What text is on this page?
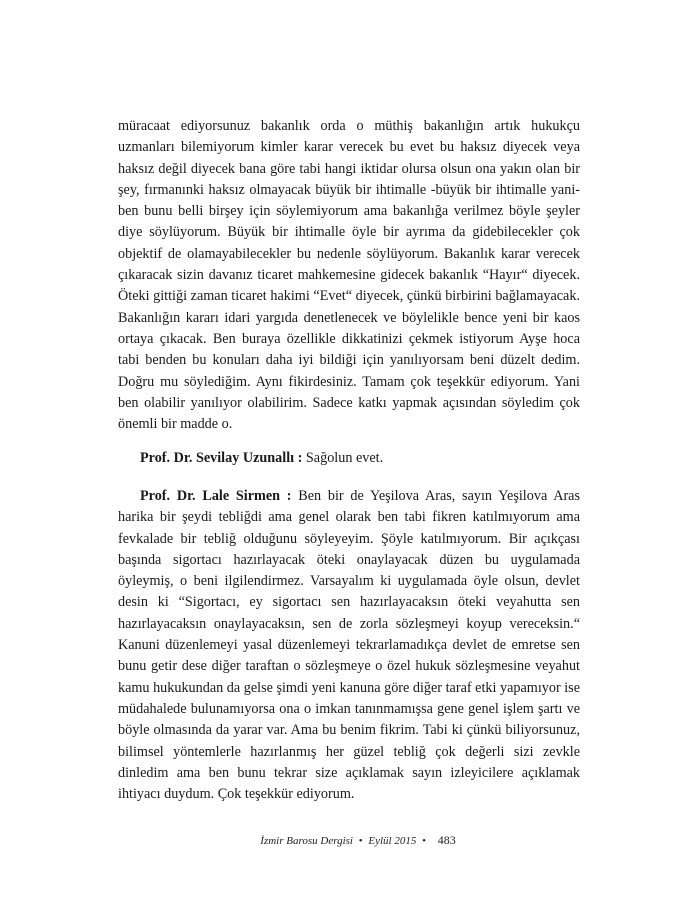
müracaat ediyorsunuz bakanlık orda o müthiş bakanlığın artık hukukçu uzmanları bilemiyorum kimler karar verecek bu evet bu haksız diyecek veya haksız değil diyecek bana göre tabi hangi iktidar olursa olsun ona yakın olan bir şey, fırmanınki haksız olmayacak büyük bir ihtimalle -büyük bir ihtimalle yani- ben bunu belli birşey için söylemiyorum ama bakanlığa verilmez böyle şeyler diye söylüyorum. Büyük bir ihtimalle öyle bir ayrıma da gidebilecekler çok objektif de olamayabilecekler bu nedenle söylüyorum. Bakanlık karar verecek çıkaracak sizin davanız ticaret mahkemesine gidecek bakanlık “Hayır“ diyecek. Öteki gittiği zaman ticaret hakimi “Evet“ diyecek, çünkü birbirini bağlamayacak. Bakanlığın kararı idari yargıda denetlenecek ve böylelikle bence yeni bir kaos ortaya çıkacak. Ben buraya özellikle dikkatinizi çekmek istiyorum Ayşe hoca tabi benden bu konuları daha iyi bildiği için yanılıyorsam beni düzelt dedim. Doğru mu söylediğim. Aynı fikirdesiniz. Tamam çok teşekkür ediyorum. Yani ben olabilir yanılıyor olabilirim. Sadece katkı yapmak açısından söyledim çok önemli bir madde o.

Prof. Dr. Sevilay Uzunallı : Sağolun evet.

Prof. Dr. Lale Sirmen : Ben bir de Yeşilova Aras, sayın Yeşilova Aras harika bir şeydi tebliğdi ama genel olarak ben tabi fikren katılmıyorum ama fevkalade bir tebliğ olduğunu söyleyeyim. Şöyle katılmıyorum. Bir açıkçası başında sigortacı hazırlayacak öteki onaylayacak düzen bu uygulamada öyleymiş, o beni ilgilendirmez. Varsayalım ki uygulamada öyle olsun, devlet desin ki “Sigortacı, ey sigortacı sen hazırlayacaksın öteki veyahutta sen hazırlayacaksın onaylayacaksın, sen de zorla sözleşmeyi koyup vereceksin.“ Kanuni düzenlemeyi yasal düzenlemeyi tekrarlamadıkça devlet de emretse sen bunu getir dese diğer taraftan o sözleşmeye o özel hukuk sözleşmesine veyahut kamu hukukundan da gelse şimdi yeni kanuna göre diğer taraf etki yapamıyor ise müdahalede bulunamıyorsa ona o imkan tanınmamışsa gene genel işlem şartı ve böyle olmasında da yarar var. Ama bu benim fikrim. Tabi ki çünkü biliyorsunuz, bilimsel yöntemlerle hazırlanmış her güzel tebliğ çok değerli sizi zevkle dinledim ama ben bunu tekrar size açıklamak sayın izleyicilere açıklamak ihtiyacı duydum. Çok teşekkür ediyorum.

İzmir Barosu Dergisi • Eylül 2015 • 483
